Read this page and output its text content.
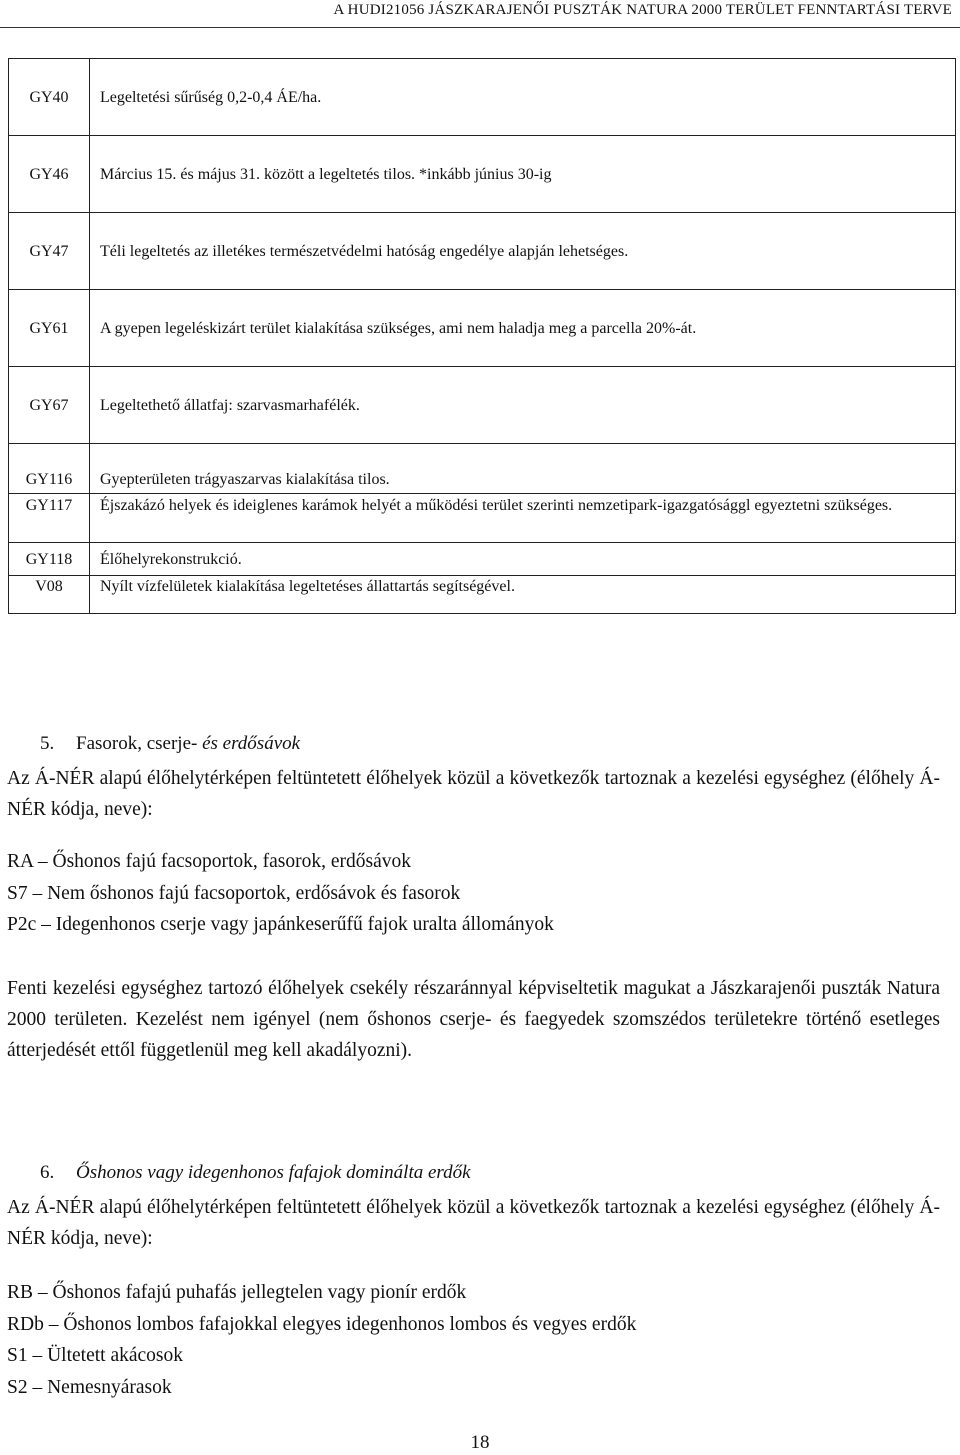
A HUDI21056 JÁSZKARAJENŐI PUSZTÁK NATURA 2000 TERÜLET FENNTARTÁSI TERVE
GY40	Legeltetési sűrűség 0,2-0,4 ÁE/ha.
GY46	Március 15. és május 31. között a legeltetés tilos. *inkább június 30-ig
GY47	Téli legeltetés az illetékes természetvédelmi hatóság engedélye alapján lehetséges.
GY61	A gyepen legeléskizárt terület kialakítása szükséges, ami nem haladja meg a parcella 20%-át.
GY67	Legeltethető állatfaj: szarvasmarhafélék.
GY116	Gyepterületen trágyaszarvas kialakítása tilos.
GY117	Éjszakázó helyek és ideiglenes karámok helyét a működési terület szerinti nemzetipark-igazgatósággl egyeztetni szükséges.
GY118	Élőhelyrekonstrukció.
V08	Nyílt vízfelületek kialakítása legeltetéses állattartás segítségével.
5. Fasorok, cserje- és erdősávok

Az Á-NÉR alapú élőhelytérképen feltüntetett élőhelyek közül a következők tartoznak a kezelési egységhez (élőhely Á-NÉR kódja, neve):

RA – Őshonos fajú facsoportok, fasorok, erdősávok
S7 – Nem őshonos fajú facsoportok, erdősávok és fasorok
P2c – Idegenhonos cserje vagy japánkeserűfű fajok uralta állományok

Fenti kezelési egységhez tartozó élőhelyek csekély részaránnyal képviseltetik magukat a Jászkarajenői puszták Natura 2000 területen. Kezelést nem igényel (nem őshonos cserje- és faegyedek szomszédos területekre történő esetleges átterjedését ettől függetlenül meg kell akadályozni).

6. Őshonos vagy idegenhonos fafajok dominálta erdők

Az Á-NÉR alapú élőhelytérképen feltüntetett élőhelyek közül a következők tartoznak a kezelési egységhez (élőhely Á-NÉR kódja, neve):

RB – Őshonos fafajú puhafás jellegtelen vagy pionír erdők
RDb – Őshonos lombos fafajokkal elegyes idegenhonos lombos és vegyes erdők
S1 – Ültetett akácosok
S2 – Nemesnyárasok
18
